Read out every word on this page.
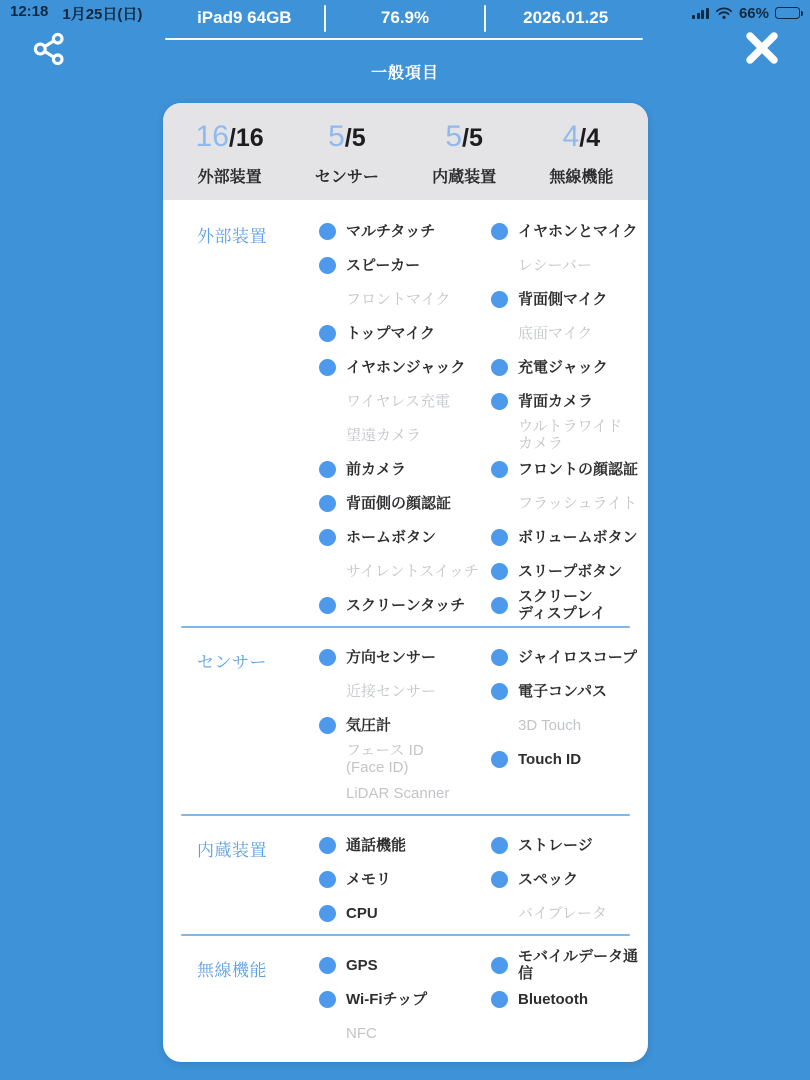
12:18 1月25日(日)	66%
iPad9 64GB	76.9%	2026.01.25
一般項目
16/16
外部装置
5/5
センサー
5/5
内蔵装置
4/4
無線機能
外部装置	マルチタッチ	イヤホンとマイク
スピーカー	レシーバー
フロントマイク	背面側マイク
トップマイク	底面マイク
イヤホンジャック	充電ジャック
ワイヤレス充電	背面カメラ
望遠カメラ	ウルトラワイド
カメラ
前カメラ	フロントの顔認証
背面側の顔認証	フラッシュライト
ホームボタン	ボリュームボタン
サイレントスイッチ	スリープボタン
スクリーンタッチ	スクリーン
ディスプレイ
センサー	方向センサー	ジャイロスコープ
近接センサー	電子コンパス
気圧計	3D Touch
フェース ID
(Face ID)	Touch ID
LiDAR Scanner
内蔵装置	通話機能	ストレージ
メモリ	スペック
CPU	バイブレータ
無線機能	GPS	モバイルデータ通信
Wi-Fiチップ	Bluetooth
NFC
